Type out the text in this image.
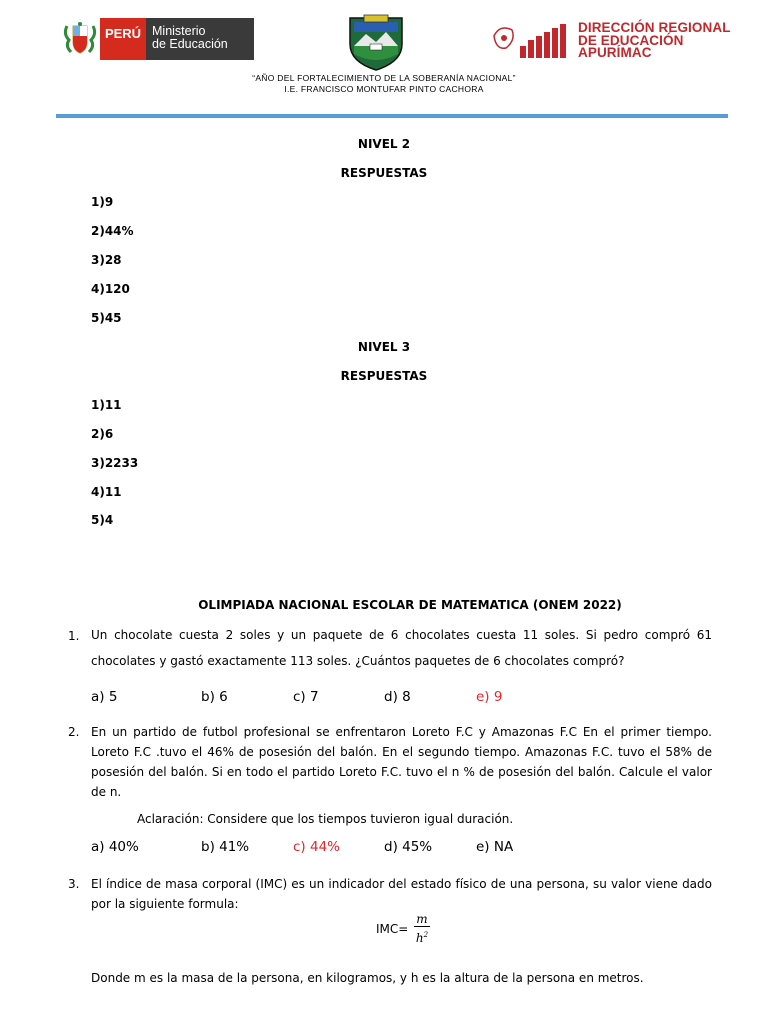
PERÚ Ministerio
de Educación
DIRECCIÓN REGIONAL
DE EDUCACIÓN
APURÍMAC
“AÑO DEL FORTALECIMIENTO DE LA SOBERANÍA NACIONAL”
I.E. FRANCISCO MONTUFAR PINTO CACHORA
NIVEL 2
RESPUESTAS
1)9
2)44%
3)28
4)120
5)45
NIVEL 3
RESPUESTAS
1)11
2)6
3)2233
4)11
5)4
OLIMPIADA NACIONAL ESCOLAR DE MATEMATICA (ONEM 2022)
1. Un chocolate cuesta 2 soles y un paquete de 6 chocolates cuesta 11 soles. Si pedro compró 61

chocolates y gastó exactamente 113 soles. ¿Cuántos paquetes de 6 chocolates compró?

a) 5	b) 6	c) 7	d) 8	e) 9
2. En un partido de futbol profesional se enfrentaron Loreto F.C y Amazonas F.C En el primer tiempo. Loreto F.C .tuvo el 46% de posesión del balón. En el segundo tiempo. Amazonas F.C. tuvo el 58% de posesión del balón. Si en todo el partido Loreto F.C. tuvo el n % de posesión del balón. Calcule el valor de n.
Aclaración: Considere que los tiempos tuvieron igual duración.
a) 40%	b) 41%	c) 44%	d) 45%	e) NA
3. El índice de masa corporal (IMC) es un indicador del estado físico de una persona, su valor viene dado por la siguiente formula:
$IMC= \frac{m}{h^2}$
Donde m es la masa de la persona, en kilogramos, y h es la altura de la persona en metros.
